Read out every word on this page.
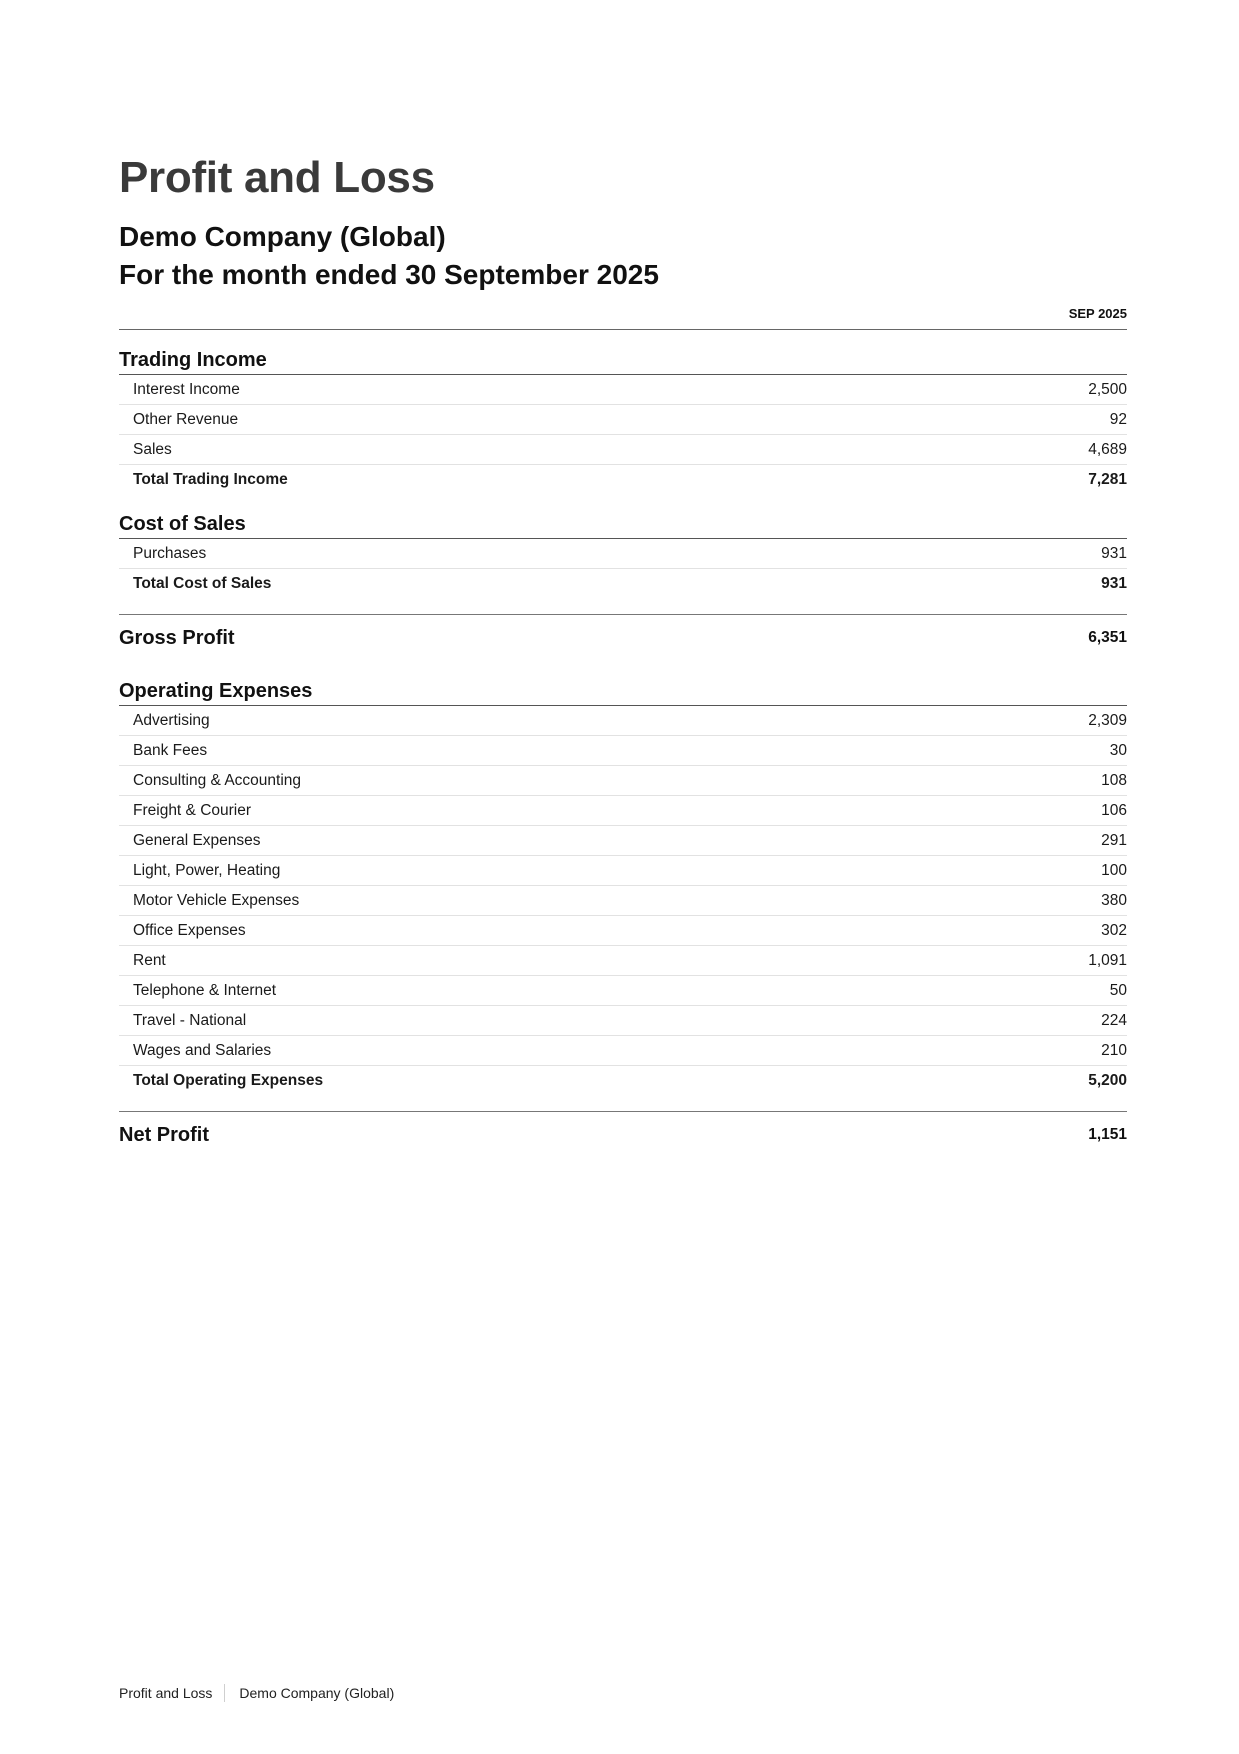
Profit and Loss
Demo Company (Global)
For the month ended 30 September 2025
SEP 2025
Trading Income
Interest Income	2,500
Other Revenue	92
Sales	4,689
Total Trading Income	7,281
Cost of Sales
Purchases	931
Total Cost of Sales	931
Gross Profit	6,351
Operating Expenses
Advertising	2,309
Bank Fees	30
Consulting & Accounting	108
Freight & Courier	106
General Expenses	291
Light, Power, Heating	100
Motor Vehicle Expenses	380
Office Expenses	302
Rent	1,091
Telephone & Internet	50
Travel - National	224
Wages and Salaries	210
Total Operating Expenses	5,200
Net Profit	1,151
Profit and Loss Demo Company (Global)
